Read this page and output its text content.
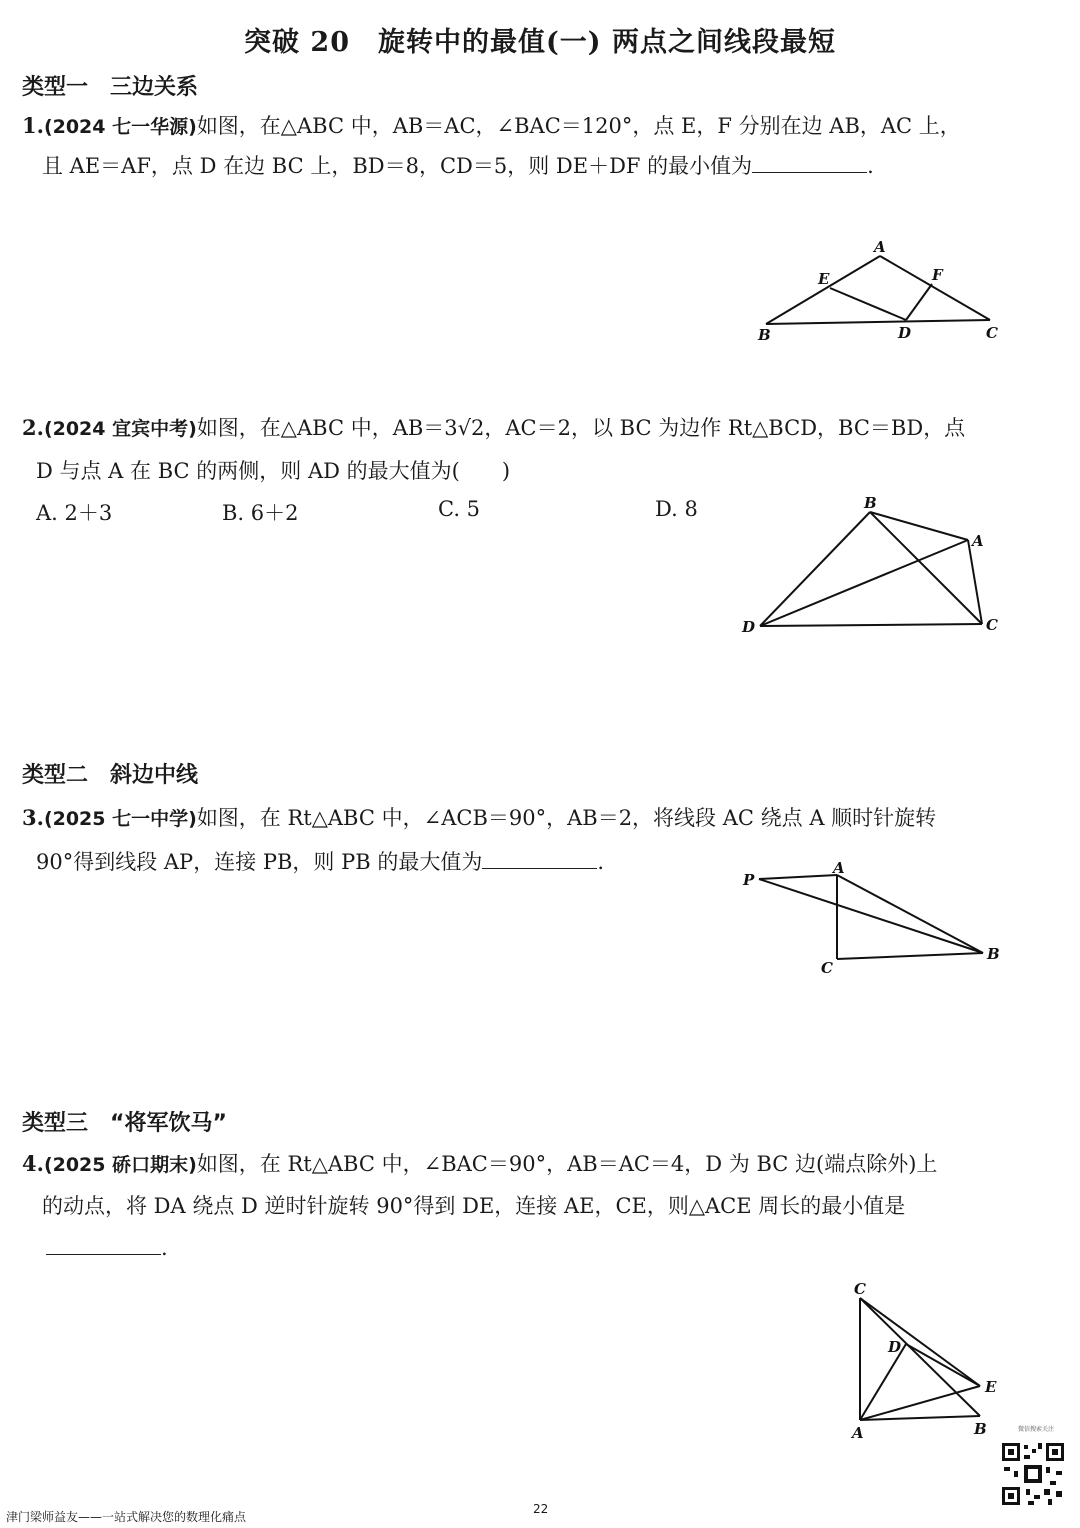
突破 20　旋转中的最值(一) 两点之间线段最短
类型一　三边关系
1.(2024 七一华源)如图，在△ABC 中，AB＝AC，∠BAC＝120°，点 E，F 分别在边 AB，AC 上，
且 AE＝AF，点 D 在边 BC 上，BD＝8，CD＝5，则 DE＋DF 的最小值为	.
A
E	F
B	D	C
2.(2024 宜宾中考)如图，在△ABC 中，AB＝3√2，AC＝2，以 BC 为边作 Rt△BCD，BC＝BD，点
D 与点 A 在 BC 的两侧，则 AD 的最大值为(　　)
A. 2＋3	B. 6＋2	C. 5	D. 8	B
A
D	C
类型二　斜边中线
3.(2025 七一中学)如图，在 Rt△ABC 中，∠ACB＝90°，AB＝2，将线段 AC 绕点 A 顺时针旋转
90°得到线段 AP，连接 PB，则 PB 的最大值为	.
P
A
C
B
类型三　“将军饮马”
4.(2025 硚口期末)如图，在 Rt△ABC 中，∠BAC＝90°，AB＝AC＝4，D 为 BC 边(端点除外)上
的动点，将 DA 绕点 D 逆时针旋转 90°得到 DE，连接 AE，CE，则△ACE 周长的最小值是
.
C
D
E
A	B	微信搜索关注
津门梁师益友——一站式解决您的数理化痛点
22
